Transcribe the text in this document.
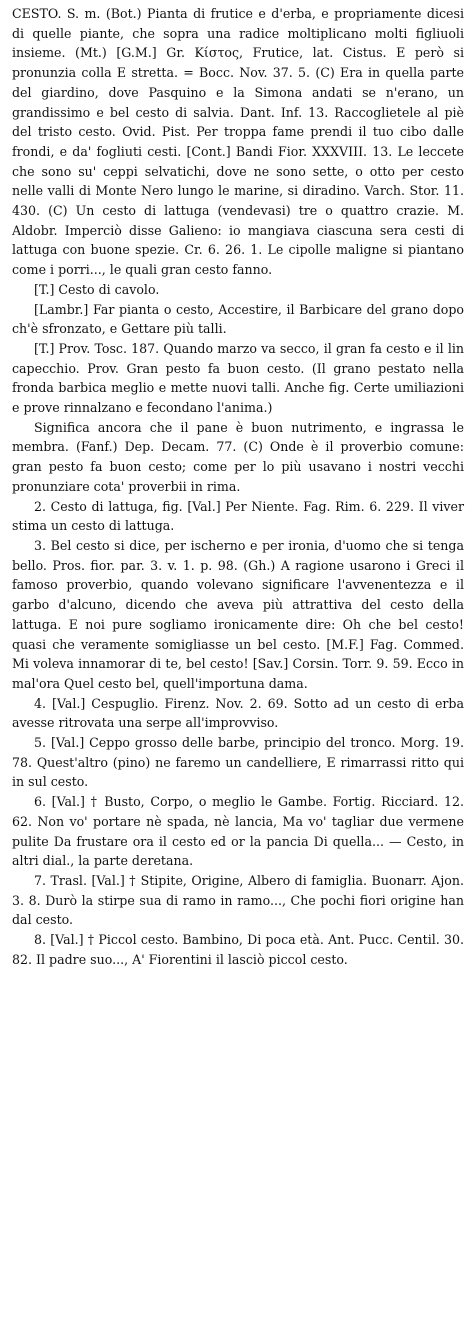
CESTO. S. m. (Bot.) Pianta di frutice e d'erba, e propriamente dicesi di quelle piante, che sopra una radice moltiplicano molti figliuoli insieme. (Mt.) [G.M.] Gr. Κίστος, Frutice, lat. Cistus. E però si pronunzia colla E stretta. = Bocc. Nov. 37. 5. (C) Era in quella parte del giardino, dove Pasquino e la Simona andati se n'erano, un grandissimo e bel cesto di salvia. Dant. Inf. 13. Raccoglietele al piè del tristo cesto. Ovid. Pist. Per troppa fame prendi il tuo cibo dalle frondi, e da' fogliuti cesti. [Cont.] Bandi Fior. XXXVIII. 13. Le leccete che sono su' ceppi selvatichi, dove ne sono sette, o otto per cesto nelle valli di Monte Nero lungo le marine, si diradino. Varch. Stor. 11. 430. (C) Un cesto di lattuga (vendevasi) tre o quattro crazie. M. Aldobr. Imperciò disse Galieno: io mangiava ciascuna sera cesti di lattuga con buone spezie. Cr. 6. 26. 1. Le cipolle maligne si piantano come i porri..., le quali gran cesto fanno.

[T.] Cesto di cavolo.

[Lambr.] Far pianta o cesto, Accestire, il Barbicare del grano dopo ch'è sfronzato, e Gettare più talli.

[T.] Prov. Tosc. 187. Quando marzo va secco, il gran fa cesto e il lin capecchio. Prov. Gran pesto fa buon cesto. (Il grano pestato nella fronda barbica meglio e mette nuovi talli. Anche fig. Certe umiliazioni e prove rinnalzano e fecondano l'anima.)

Significa ancora che il pane è buon nutrimento, e ingrassa le membra. (Fanf.) Dep. Decam. 77. (C) Onde è il proverbio comune: gran pesto fa buon cesto; come per lo più usavano i nostri vecchi pronunziare cota' proverbii in rima.

2. Cesto di lattuga, fig. [Val.] Per Niente. Fag. Rim. 6. 229. Il viver stima un cesto di lattuga.

3. Bel cesto si dice, per ischerno e per ironia, d'uomo che si tenga bello. Pros. fior. par. 3. v. 1. p. 98. (Gh.) A ragione usarono i Greci il famoso proverbio, quando volevano significare l'avvenentezza e il garbo d'alcuno, dicendo che aveva più attrattiva del cesto della lattuga. E noi pure sogliamo ironicamente dire: Oh che bel cesto! quasi che veramente somigliasse un bel cesto. [M.F.] Fag. Commed. Mi voleva innamorar di te, bel cesto! [Sav.] Corsin. Torr. 9. 59. Ecco in mal'ora Quel cesto bel, quell'importuna dama.

4. [Val.] Cespuglio. Firenz. Nov. 2. 69. Sotto ad un cesto di erba avesse ritrovata una serpe all'improvviso.

5. [Val.] Ceppo grosso delle barbe, principio del tronco. Morg. 19. 78. Quest'altro (pino) ne faremo un candelliere, E rimarrassi ritto qui in sul cesto.

6. [Val.] † Busto, Corpo, o meglio le Gambe. Fortig. Ricciard. 12. 62. Non vo' portare nè spada, nè lancia, Ma vo' tagliar due vermene pulite Da frustare ora il cesto ed or la pancia Di quella... — Cesto, in altri dial., la parte deretana.

7. Trasl. [Val.] † Stipite, Origine, Albero di famiglia. Buonarr. Ajon. 3. 8. Durò la stirpe sua di ramo in ramo..., Che pochi fiori origine han dal cesto.

8. [Val.] † Piccol cesto. Bambino, Di poca età. Ant. Pucc. Centil. 30. 82. Il padre suo..., A' Fiorentini il lasciò piccol cesto.
